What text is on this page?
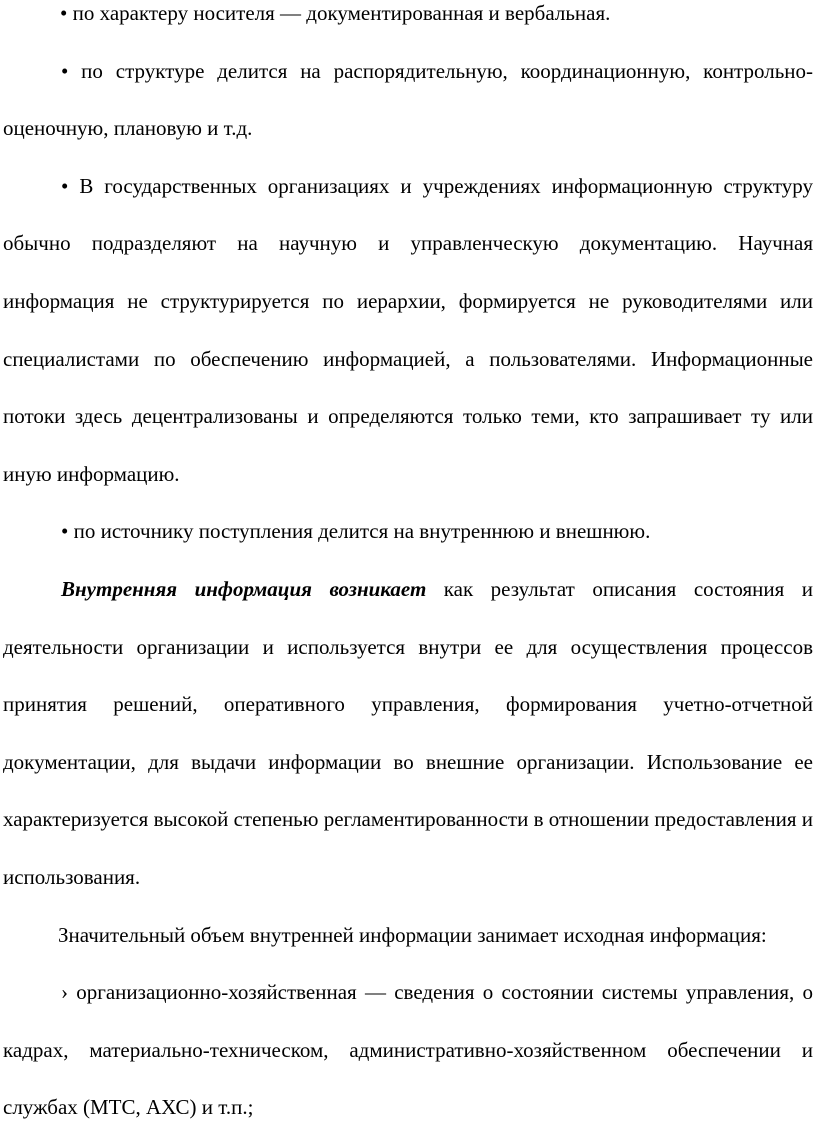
• по характеру носителя — документированная и вербальная.

• по структуре делится на распорядительную, координационную, контрольно-оценочную, плановую и т.д.

• В государственных организациях и учреждениях информационную структуру обычно подразделяют на научную и управленческую документацию. Научная информация не структурируется по иерархии, формируется не руководителями или специалистами по обеспечению информацией, а пользователями. Информационные потоки здесь децентрализованы и определяются только теми, кто запрашивает ту или иную информацию.

• по источнику поступления делится на внутреннюю и внешнюю.

Внутренняя информация возникает как результат описания состояния и деятельности организации и используется внутри ее для осуществления процессов принятия решений, оперативного управления, формирования учетно-отчетной документации, для выдачи информации во внешние организации. Использование ее характеризуется высокой степенью регламентированности в отношении предоставления и использования.

Значительный объем внутренней информации занимает исходная информация:

› организационно-хозяйственная — сведения о состоянии системы управления, о кадрах, материально-техническом, административно-хозяйственном обеспечении и службах (МТС, АХС) и т.п.;
